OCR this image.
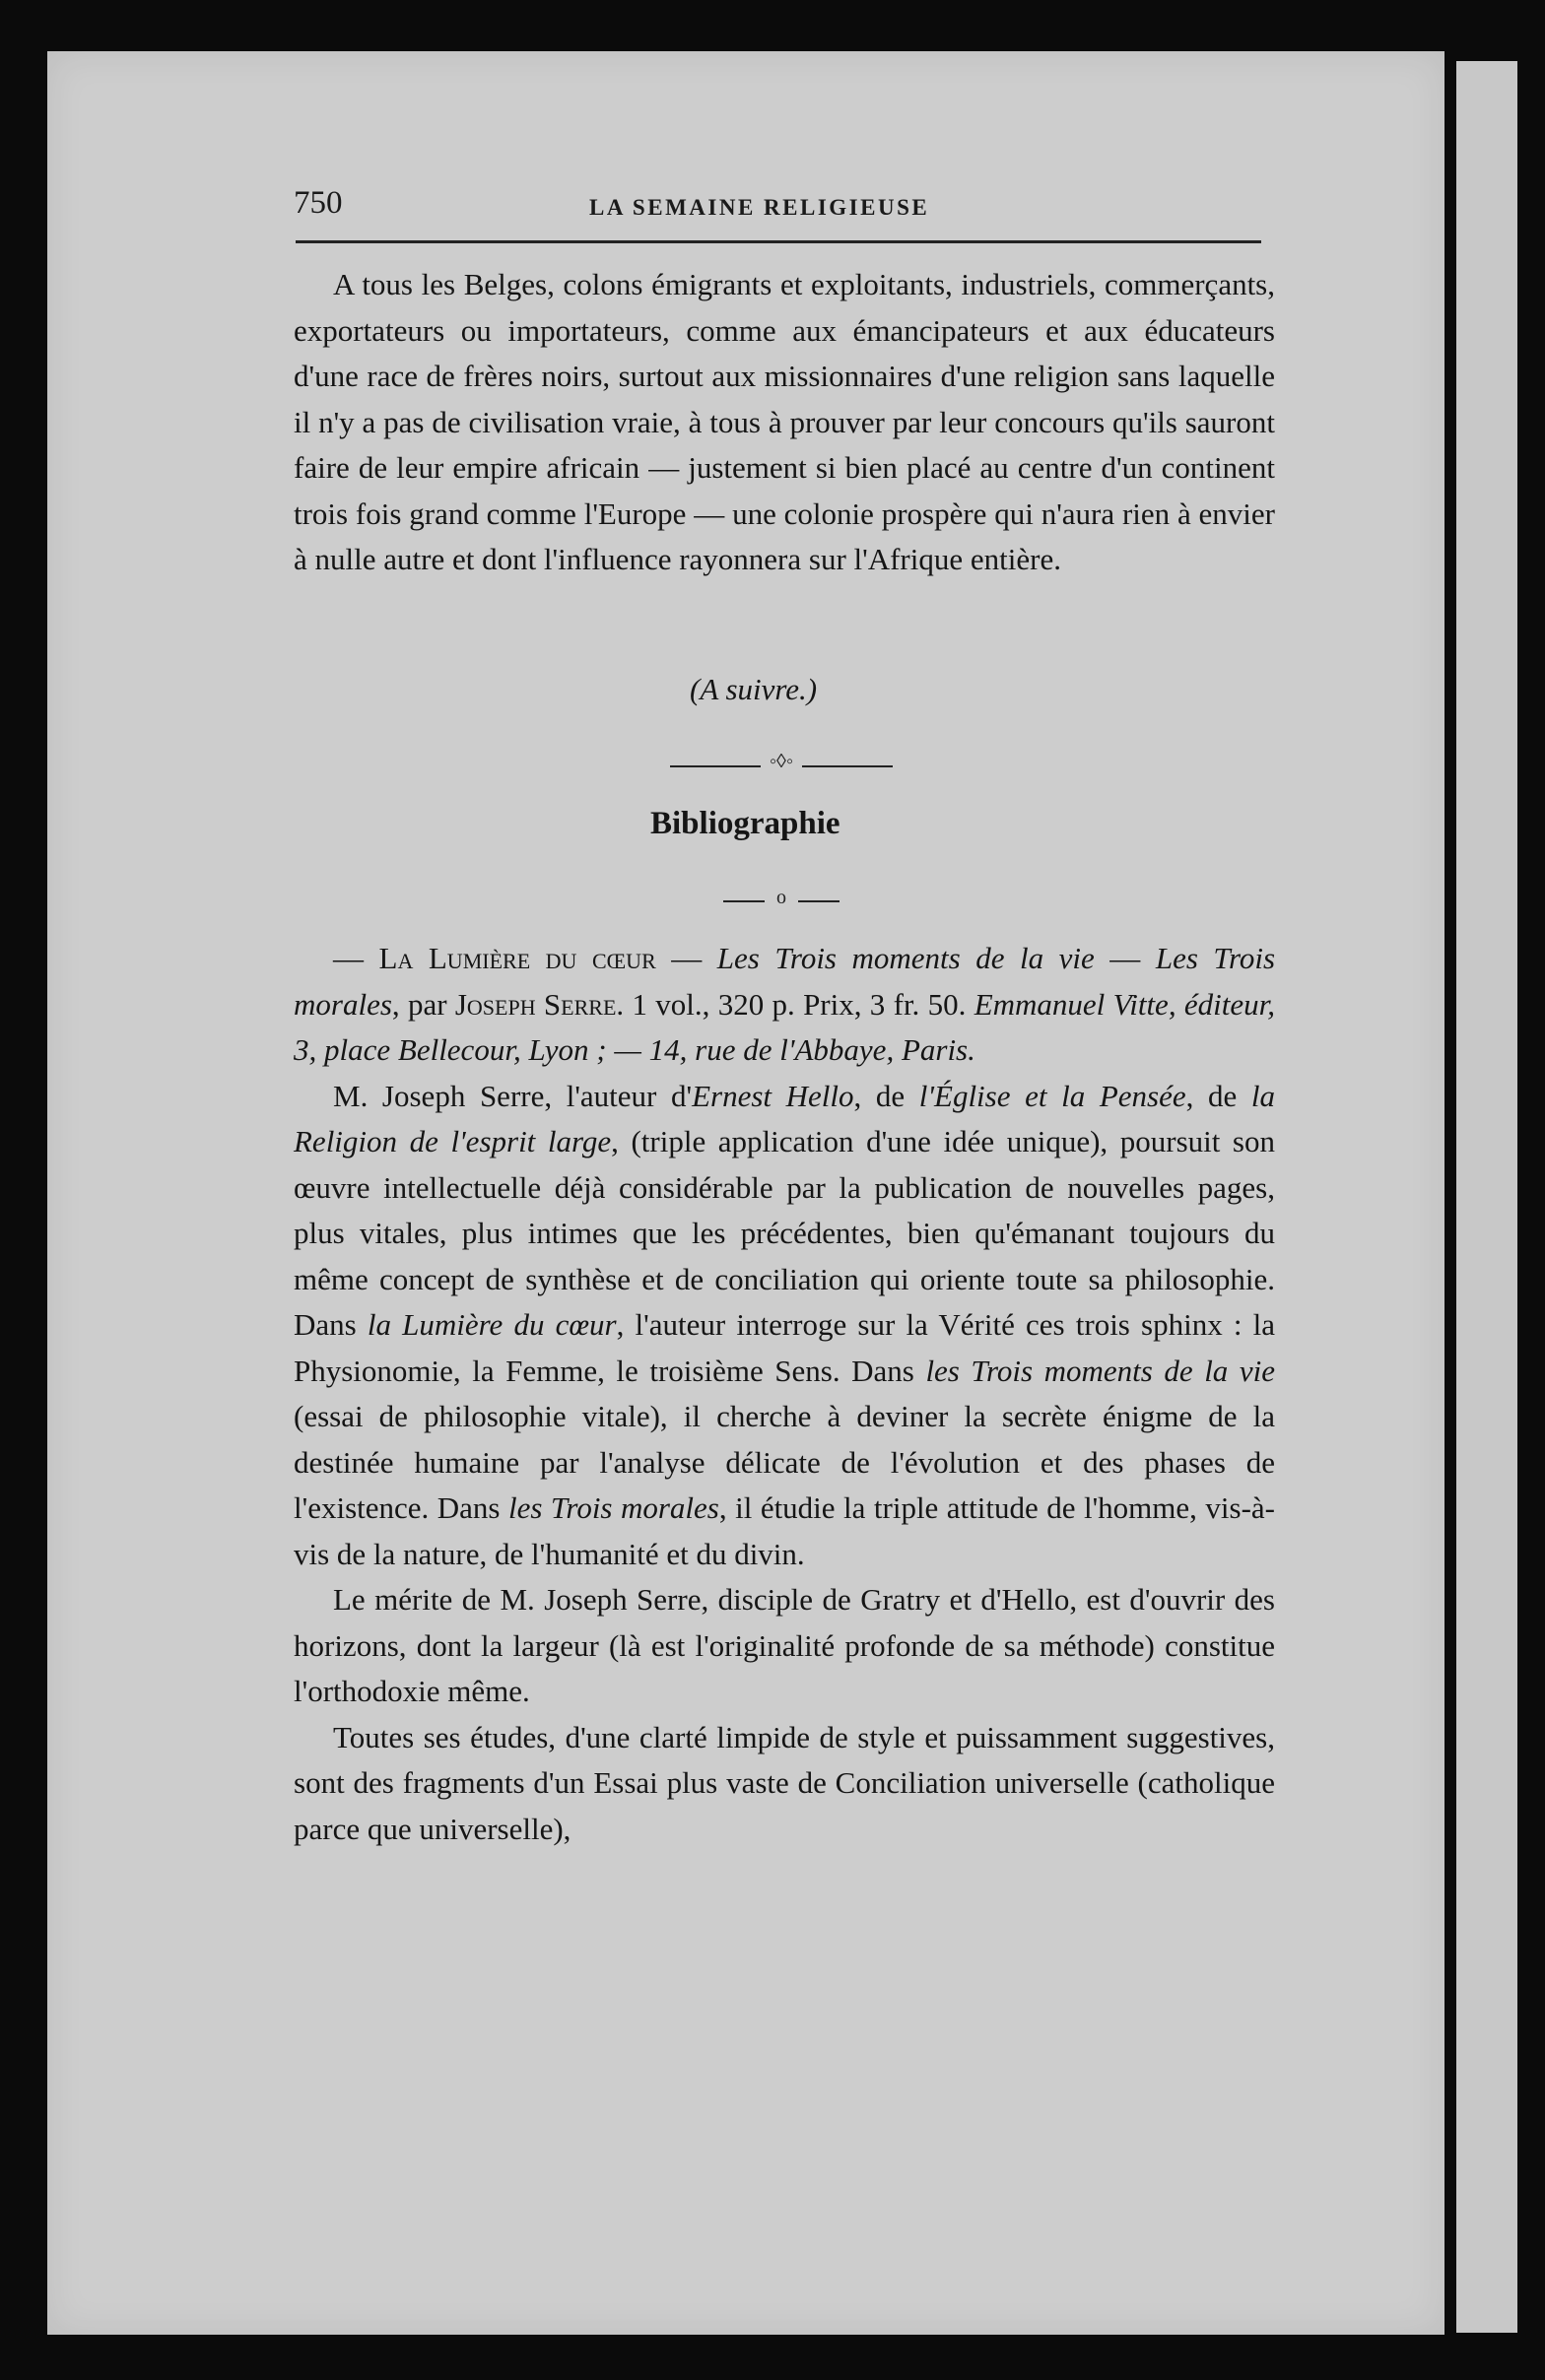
750	LA SEMAINE RELIGIEUSE

A tous les Belges, colons émigrants et exploitants, industriels, commerçants, exportateurs ou importateurs, comme aux émancipateurs et aux éducateurs d'une race de frères noirs, surtout aux missionnaires d'une religion sans laquelle il n'y a pas de civilisation vraie, à tous à prouver par leur concours qu'ils sauront faire de leur empire africain — justement si bien placé au centre d'un continent trois fois grand comme l'Europe — une colonie prospère qui n'aura rien à envier à nulle autre et dont l'influence rayonnera sur l'Afrique entière.

(A suivre.)
◦◊◦
Bibliographie
o

— La Lumière du cœur — Les Trois moments de la vie — Les Trois morales, par Joseph Serre. 1 vol., 320 p. Prix, 3 fr. 50. Emmanuel Vitte, éditeur, 3, place Bellecour, Lyon ; — 14, rue de l'Abbaye, Paris.

M. Joseph Serre, l'auteur d'Ernest Hello, de l'Église et la Pensée, de la Religion de l'esprit large, (triple application d'une idée unique), poursuit son œuvre intellectuelle déjà considérable par la publication de nouvelles pages, plus vitales, plus intimes que les précédentes, bien qu'émanant toujours du même concept de synthèse et de conciliation qui oriente toute sa philosophie. Dans la Lumière du cœur, l'auteur interroge sur la Vérité ces trois sphinx : la Physionomie, la Femme, le troisième Sens. Dans les Trois moments de la vie (essai de philosophie vitale), il cherche à deviner la secrète énigme de la destinée humaine par l'analyse délicate de l'évolution et des phases de l'existence. Dans les Trois morales, il étudie la triple attitude de l'homme, vis-à-vis de la nature, de l'humanité et du divin.

Le mérite de M. Joseph Serre, disciple de Gratry et d'Hello, est d'ouvrir des horizons, dont la largeur (là est l'originalité profonde de sa méthode) constitue l'orthodoxie même.

Toutes ses études, d'une clarté limpide de style et puissamment suggestives, sont des fragments d'un Essai plus vaste de Conciliation universelle (catholique parce que universelle),
